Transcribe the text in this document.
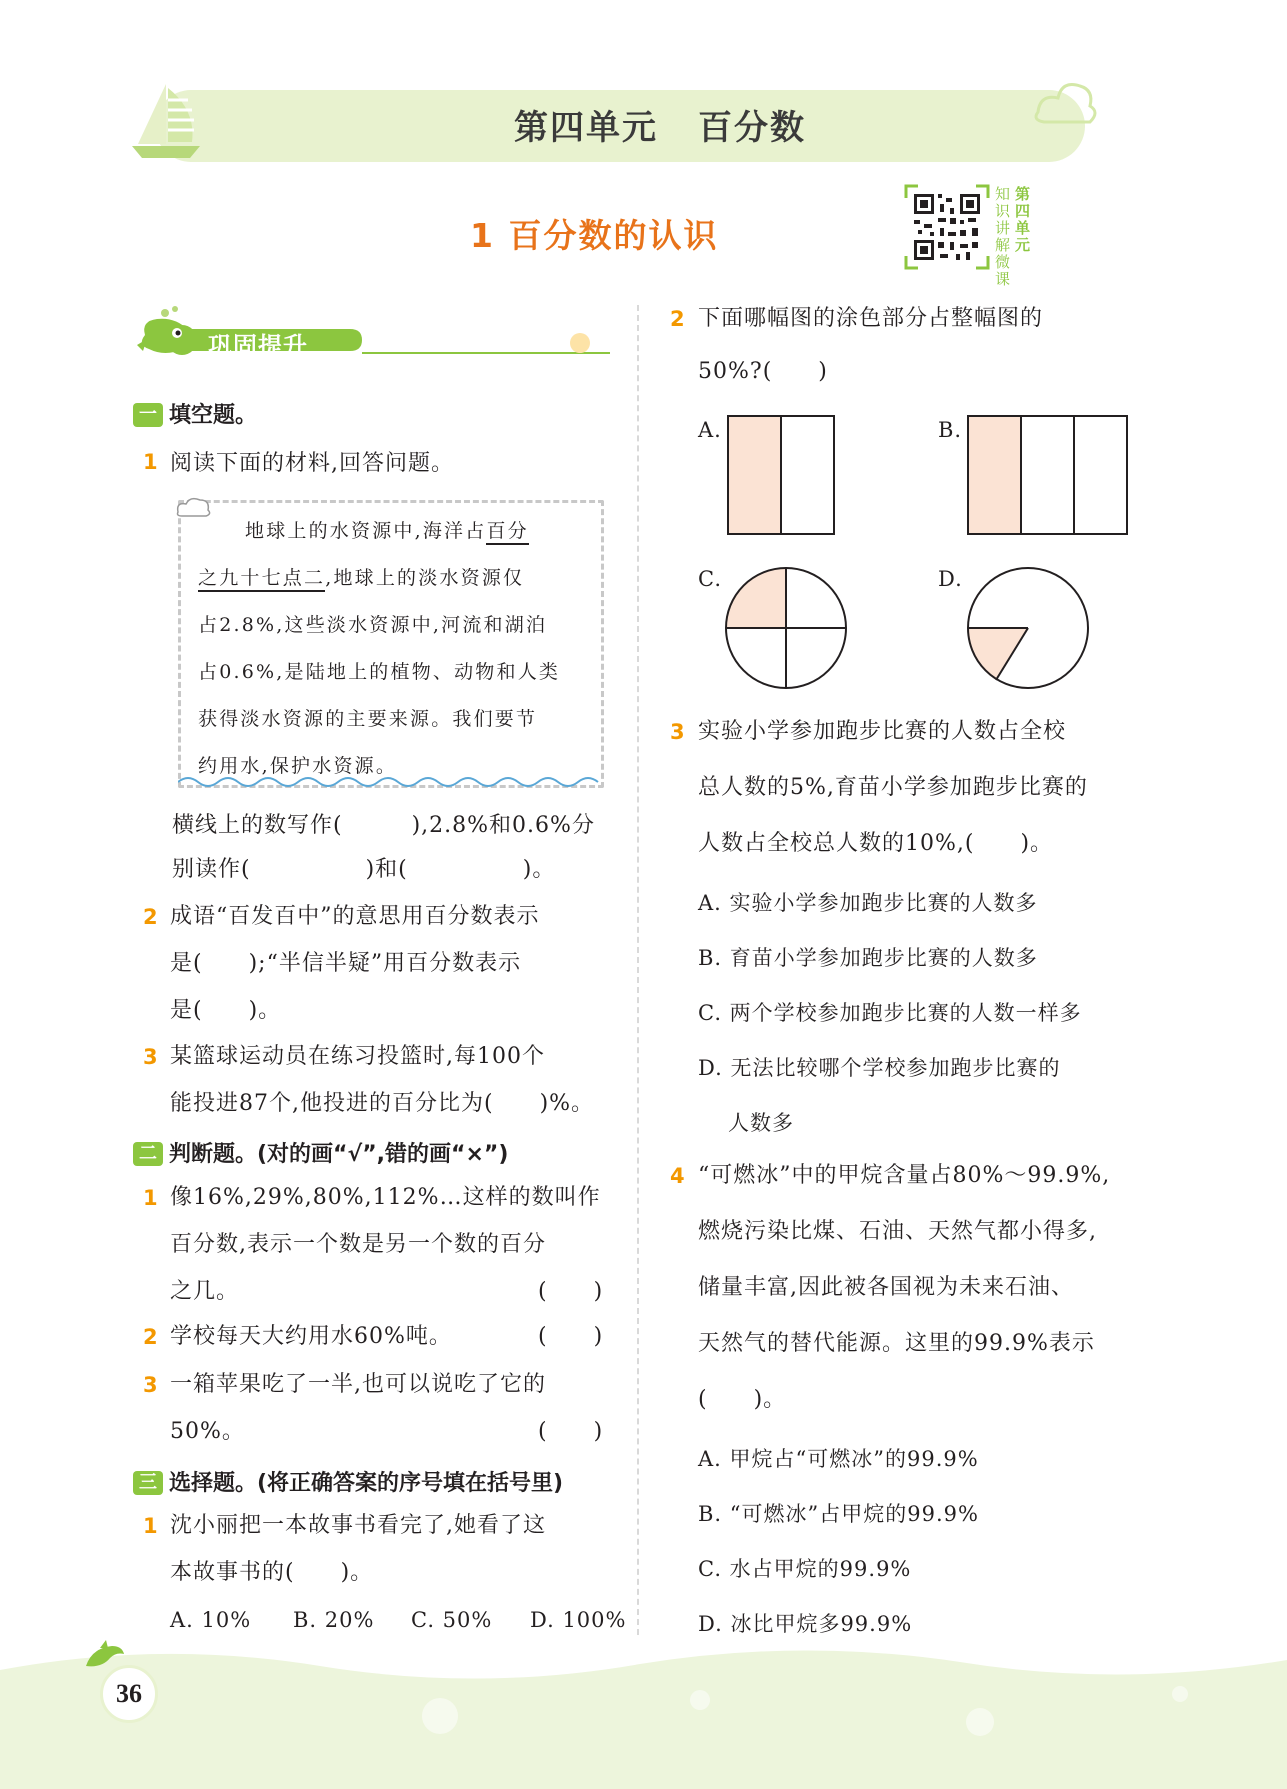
第四单元 百分数
1 百分数的认识
知识讲解微课
第四单元
巩固提升
一 填空题。
1 阅读下面的材料,回答问题。
地球上的水资源中,海洋占百分
之九十七点二,地球上的淡水资源仅
占2.8%,这些淡水资源中,河流和湖泊
占0.6%,是陆地上的植物、动物和人类
获得淡水资源的主要来源。我们要节
约用水,保护水资源。
横线上的数写作(　　　),2.8%和0.6%分
别读作(　　　　　)和(　　　　　)。
2 成语“百发百中”的意思用百分数表示
是(　　);“半信半疑”用百分数表示
是(　　)。
3 某篮球运动员在练习投篮时,每100个
能投进87个,他投进的百分比为(　　)%。
二 判断题。(对的画“√”,错的画“×”)
1 像16%,29%,80%,112%…这样的数叫作
百分数,表示一个数是另一个数的百分
之几。	(　　)
2 学校每天大约用水60%吨。	(　　)
3 一箱苹果吃了一半,也可以说吃了它的
50%。	(　　)
三 选择题。(将正确答案的序号填在括号里)
1 沈小丽把一本故事书看完了,她看了这
本故事书的(　　)。
A. 10% B. 20% C. 50% D. 100%
2 下面哪幅图的涂色部分占整幅图的
50%?(　　)
A.	B.
C.	D.
3 实验小学参加跑步比赛的人数占全校
总人数的5%,育苗小学参加跑步比赛的
人数占全校总人数的10%,(　　)。
A. 实验小学参加跑步比赛的人数多
B. 育苗小学参加跑步比赛的人数多
C. 两个学校参加跑步比赛的人数一样多
D. 无法比较哪个学校参加跑步比赛的
人数多
4 “可燃冰”中的甲烷含量占80%～99.9%,
燃烧污染比煤、石油、天然气都小得多,
储量丰富,因此被各国视为未来石油、
天然气的替代能源。这里的99.9%表示
(　　)。
A. 甲烷占“可燃冰”的99.9%
B. “可燃冰”占甲烷的99.9%
C. 水占甲烷的99.9%
D. 冰比甲烷多99.9%
36
